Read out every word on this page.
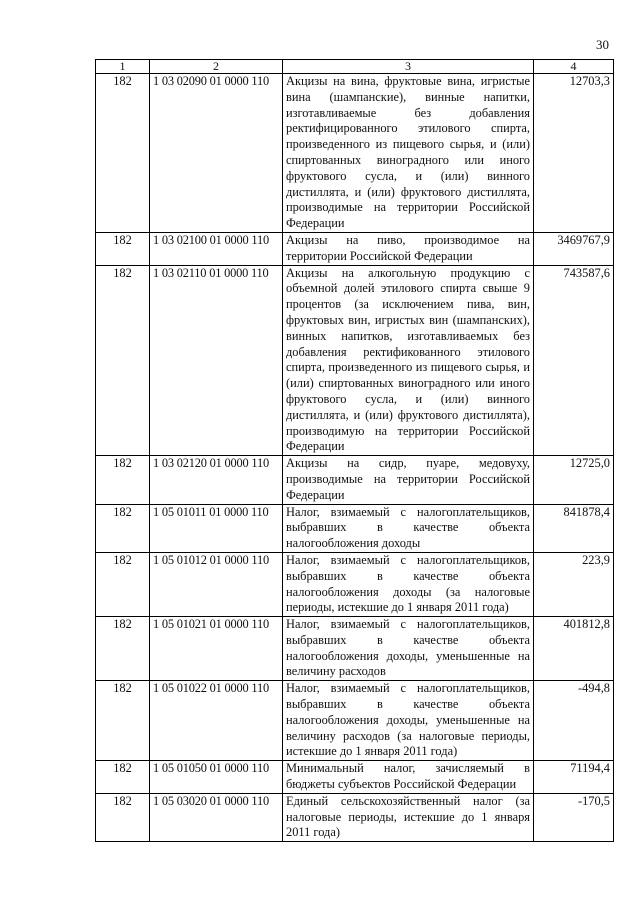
30
1	2	3	4
182	1 03 02090 01 0000 110	Акцизы на вина, фруктовые вина, игристые вина (шампанские), винные напитки, изготавливаемые без добавления ректифицированного этилового спирта, произведенного из пищевого сырья, и (или) спиртованных виноградного или иного фруктового сусла, и (или) винного дистиллята, и (или) фруктового дистиллята, производимые на территории Российской Федерации	12703,3
182	1 03 02100 01 0000 110	Акцизы на пиво, производимое на территории Российской Федерации	3469767,9
182	1 03 02110 01 0000 110	Акцизы на алкогольную продукцию с объемной долей этилового спирта свыше 9 процентов (за исключением пива, вин, фруктовых вин, игристых вин (шампанских), винных напитков, изготавливаемых без добавления ректификованного этилового спирта, произведенного из пищевого сырья, и (или) спиртованных виноградного или иного фруктового сусла, и (или) винного дистиллята, и (или) фруктового дистиллята), производимую на территории Российской Федерации	743587,6
182	1 03 02120 01 0000 110	Акцизы на сидр, пуаре, медовуху, производимые на территории Российской Федерации	12725,0
182	1 05 01011 01 0000 110	Налог, взимаемый с налогоплательщиков, выбравших в качестве объекта налогообложения доходы	841878,4
182	1 05 01012 01 0000 110	Налог, взимаемый с налогоплательщиков, выбравших в качестве объекта налогообложения доходы (за налоговые периоды, истекшие до 1 января 2011 года)	223,9
182	1 05 01021 01 0000 110	Налог, взимаемый с налогоплательщиков, выбравших в качестве объекта налогообложения доходы, уменьшенные на величину расходов	401812,8
182	1 05 01022 01 0000 110	Налог, взимаемый с налогоплательщиков, выбравших в качестве объекта налогообложения доходы, уменьшенные на величину расходов (за налоговые периоды, истекшие до 1 января 2011 года)	-494,8
182	1 05 01050 01 0000 110	Минимальный налог, зачисляемый в бюджеты субъектов Российской Федерации	71194,4
182	1 05 03020 01 0000 110	Единый сельскохозяйственный налог (за налоговые периоды, истекшие до 1 января 2011 года)	-170,5
